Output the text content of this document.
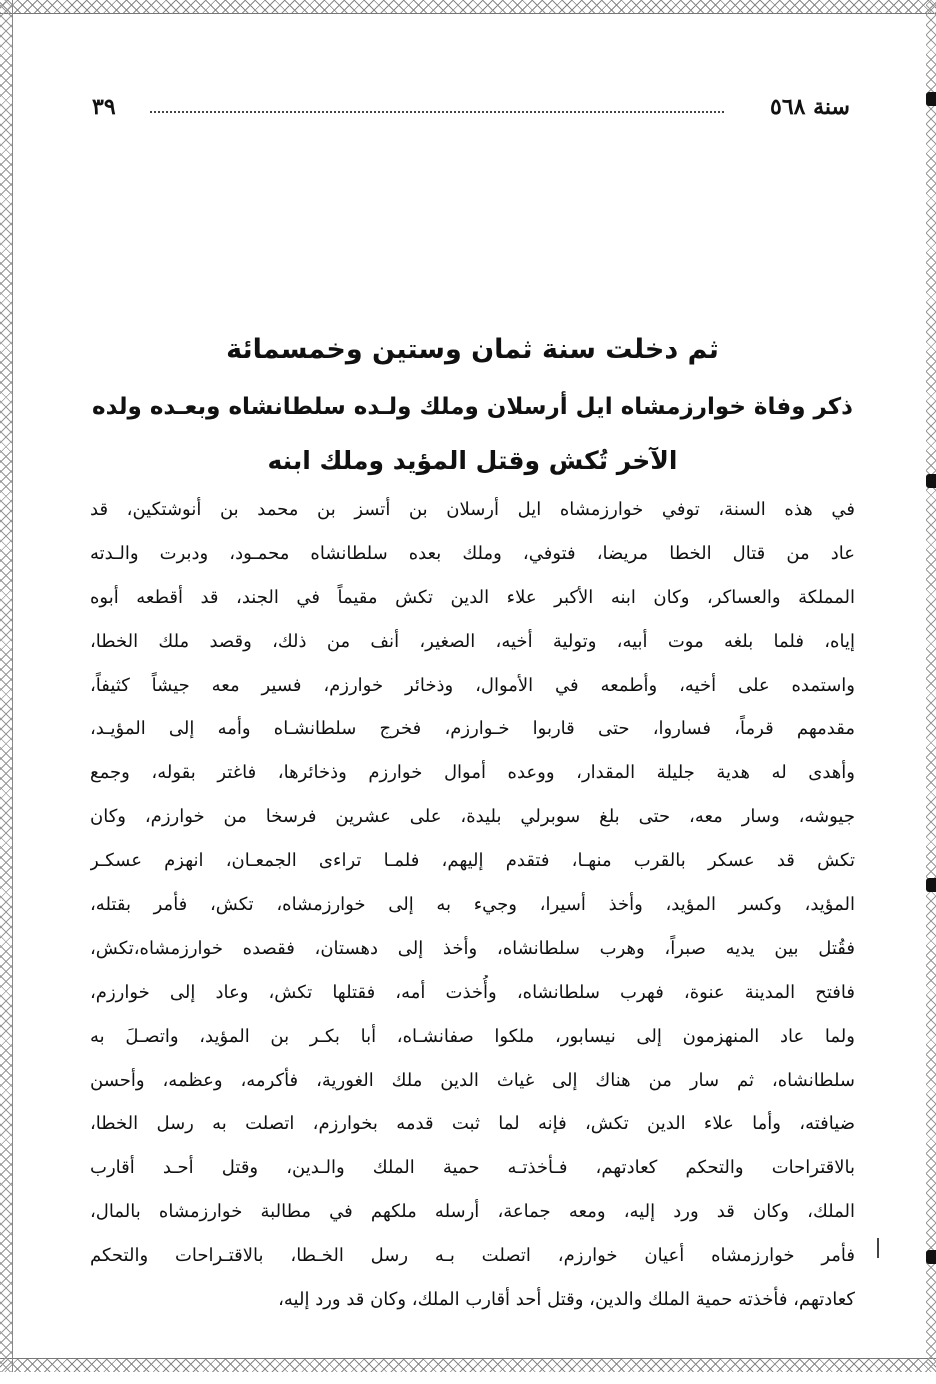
سنة ٥٦٨
٣٩
ثم دخلت سنة ثمان وستين وخمسمائة
ذكر وفاة خوارزمشاه ايل أرسلان وملك ولـده سلطانشاه وبعـده ولده
الآخر تُكش وقتل المؤيد وملك ابنه
في هذه السنة، توفي خوارزمشاه ايل أرسلان بن أتسز بن محمد بن أنوشتكين، قد
عاد من قتال الخطا مريضا، فتوفي، وملك بعده سلطانشاه محمـود، ودبرت والـدته
المملكة والعساكر، وكان ابنه الأكبر علاء الدين تكش مقيماً في الجند، قد أقطعه أبوه
إياه، فلما بلغه موت أبيه، وتولية أخيه، الصغير، أنف من ذلك، وقصد ملك الخطا،
واستمده على أخيه، وأطمعه في الأموال، وذخائر خوارزم، فسير معه جيشاً كثيفاً،
مقدمهم قرماً، فساروا، حتى قاربوا خـوارزم، فخرج سلطانشـاه وأمه إلى المؤيـد،
وأهدى له هدية جليلة المقدار، ووعده أموال خوارزم وذخائرها، فاغتر بقوله، وجمع
جيوشه، وسار معه، حتى بلغ سوبرلي بليدة، على عشرين فرسخا من خوارزم، وكان
تكش قد عسكر بالقرب منهـا، فتقدم إليهم، فلمـا تراءى الجمعـان، انهزم عسكـر
المؤيد، وكسر المؤيد، وأخذ أسيرا، وجيء به إلى خوارزمشاه، تكش، فأمر بقتله،
فقُتل بين يديه صبراً، وهرب سلطانشاه، وأخذ إلى دهستان، فقصده خوارزمشاه،تكش،
فافتح المدينة عنوة، فهرب سلطانشاه، وأُخذت أمه، فقتلها تكش، وعاد إلى خوارزم،
ولما عاد المنهزمون إلى نيسابور، ملكوا صفانشـاه، أبا بكـر بن المؤيد، واتصـلَ به
سلطانشاه، ثم سار من هناك إلى غياث الدين ملك الغورية، فأكرمه، وعظمه، وأحسن
ضيافته، وأما علاء الدين تكش، فإنه لما ثبت قدمه بخوارزم، اتصلت به رسل الخطا،
بالاقتراحات والتحكم كعادتهم، فـأخذتـه حمية الملك والـدين، وقتل أحـد أقارب
الملك، وكان قد ورد إليه، ومعه جماعة، أرسله ملكهم في مطالبة خوارزمشاه بالمال،
فأمر خوارزمشاه أعيان خوارزم، اتصلت بـه رسل الخـطا، بالاقتـراحات والتحكم
كعادتهم، فأخذته حمية الملك والدين، وقتل أحد أقارب الملك، وكان قد ورد إليه،
